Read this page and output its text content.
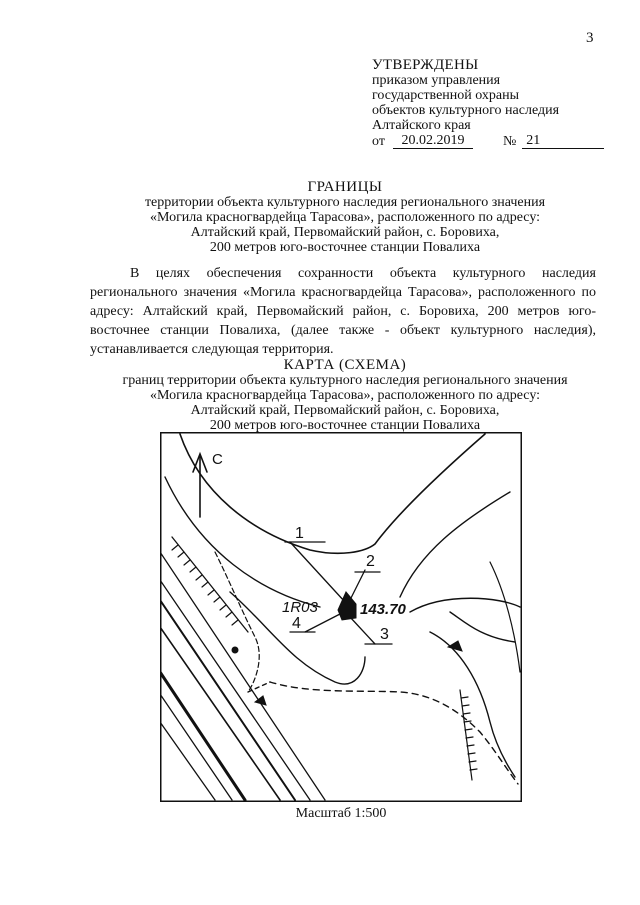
3
УТВЕРЖДЕНЫ
приказом управления
государственной охраны
объектов культурного наследия
Алтайского края
от	20.02.2019	№ 21
ГРАНИЦЫ
территории объекта культурного наследия регионального значения
«Могила красногвардейца Тарасова», расположенного по адресу:
Алтайский край, Первомайский район, с. Боровиха,
200 метров юго-восточнее станции Повалиха

В целях обеспечения сохранности объекта культурного наследия регионального значения «Могила красногвардейца Тарасова», расположенного по адресу: Алтайский край, Первомайский район, с. Боровиха, 200 метров юго-восточнее станции Повалиха, (далее также - объект культурного наследия), устанавливается следующая территория.

КАРТА (СХЕМА)
границ территории объекта культурного наследия регионального значения
«Могила красногвардейца Тарасова», расположенного по адресу:
Алтайский край, Первомайский район, с. Боровиха,
200 метров юго-восточнее станции Повалиха
С
1
2
3
4
1R03	143.70
Масштаб 1:500
